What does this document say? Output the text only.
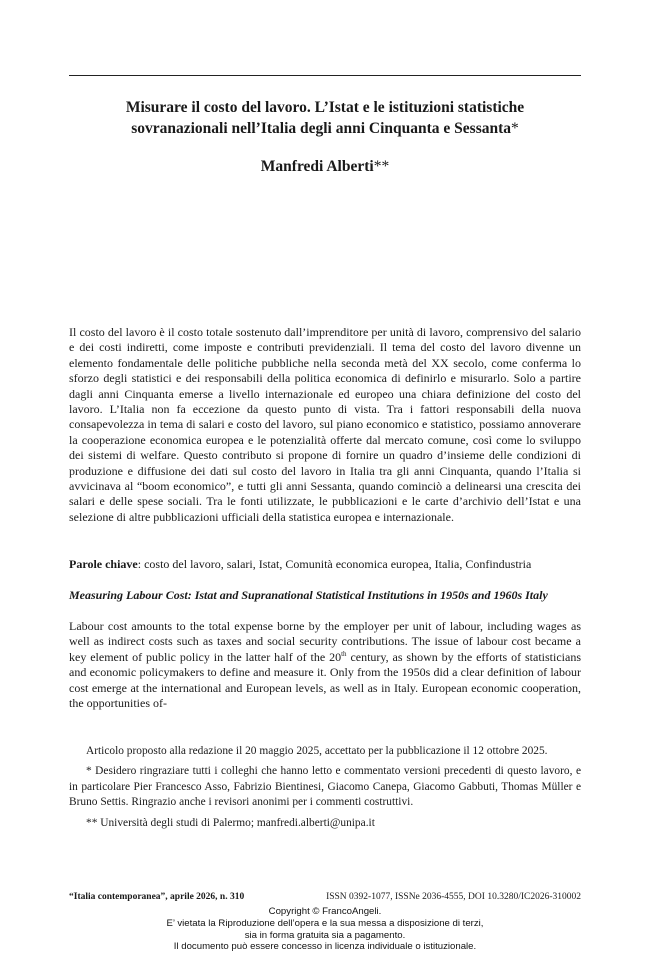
Misurare il costo del lavoro. L’Istat e le istituzioni statistiche
sovranazionali nell’Italia degli anni Cinquanta e Sessanta*
Manfredi Alberti**
Il costo del lavoro è il costo totale sostenuto dall’imprenditore per unità di lavoro, comprensivo del salario e dei costi indiretti, come imposte e contributi previdenziali. Il tema del costo del lavoro divenne un elemento fondamentale delle politiche pubbliche nella seconda metà del XX secolo, come conferma lo sforzo degli statistici e dei responsabili della politica economica di definirlo e misurarlo. Solo a partire dagli anni Cinquanta emerse a livello internazionale ed europeo una chiara definizione del costo del lavoro. L’Italia non fa eccezione da questo punto di vista. Tra i fattori responsabili della nuova consapevolezza in tema di salari e costo del lavoro, sul piano economico e statistico, possiamo annoverare la cooperazione economica europea e le potenzialità offerte dal mercato comune, così come lo sviluppo dei sistemi di welfare. Questo contributo si propone di fornire un quadro d’insieme delle condizioni di produzione e diffusione dei dati sul costo del lavoro in Italia tra gli anni Cinquanta, quando l’Italia si avvicinava al “boom economico”, e tutti gli anni Sessanta, quando cominciò a delinearsi una crescita dei salari e delle spese sociali. Tra le fonti utilizzate, le pubblicazioni e le carte d’archivio dell’Istat e una selezione di altre pubblicazioni ufficiali della statistica europea e internazionale.
Parole chiave: costo del lavoro, salari, Istat, Comunità economica europea, Italia, Confindustria
Measuring Labour Cost: Istat and Supranational Statistical Institutions in 1950s and 1960s Italy
Labour cost amounts to the total expense borne by the employer per unit of labour, including wages as well as indirect costs such as taxes and social security contributions. The issue of labour cost became a key element of public policy in the latter half of the 20th century, as shown by the efforts of statisticians and economic policymakers to define and measure it. Only from the 1950s did a clear definition of labour cost emerge at the international and European levels, as well as in Italy. European economic cooperation, the opportunities of-

Articolo proposto alla redazione il 20 maggio 2025, accettato per la pubblicazione il 12 ottobre 2025.

* Desidero ringraziare tutti i colleghi che hanno letto e commentato versioni precedenti di questo lavoro, e in particolare Pier Francesco Asso, Fabrizio Bientinesi, Giacomo Canepa, Giacomo Gabbuti, Thomas Müller e Bruno Settis. Ringrazio anche i revisori anonimi per i commenti costruttivi.

** Università degli studi di Palermo; manfredi.alberti@unipa.it

“Italia contemporanea”, aprile 2026, n. 310	ISSN 0392-1077, ISSNe 2036-4555, DOI 10.3280/IC2026-310002
Copyright © FrancoAngeli.
E’ vietata la Riproduzione dell’opera e la sua messa a disposizione di terzi,
sia in forma gratuita sia a pagamento.
Il documento può essere concesso in licenza individuale o istituzionale.
